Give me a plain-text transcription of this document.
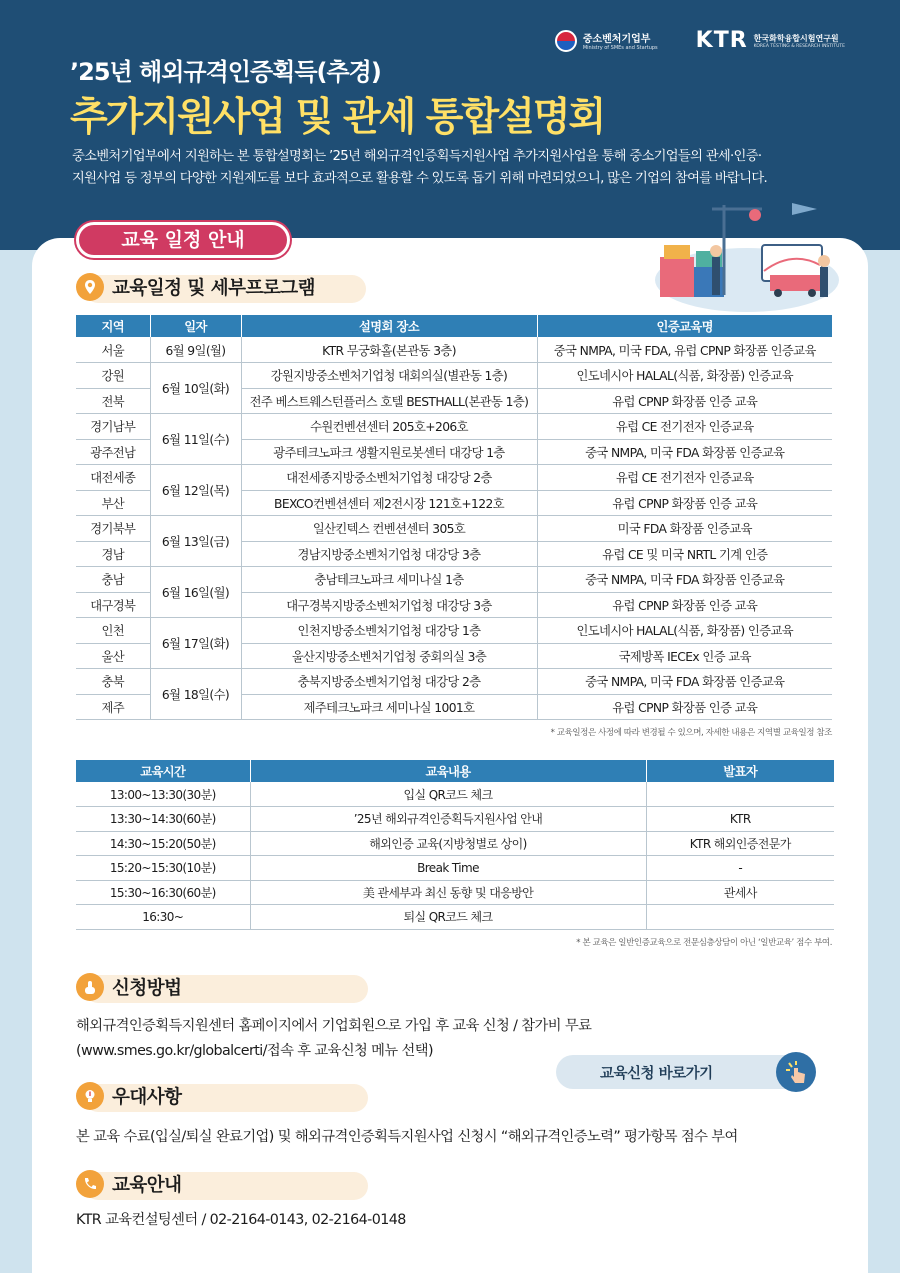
중소벤처기업부
Ministry of SMEs and Startups KTR 한국화학융합시험연구원
KOREA TESTING & RESEARCH INSTITUTE
’25년 해외규격인증획득(추경)
추가지원사업 및 관세 통합설명회
중소벤처기업부에서 지원하는 본 통합설명회는 ’25년 해외규격인증획득지원사업 추가지원사업을 통해 중소기업들의 관세·인증·지원사업 등 정부의 다양한 지원제도를 보다 효과적으로 활용할 수 있도록 돕기 위해 마련되었으니, 많은 기업의 참여를 바랍니다.
교육 일정 안내
교육일정 및 세부프로그램
지역	일자	설명회 장소	인증교육명
서울	6월 9일(월)	KTR 무궁화홀(본관동 3층)	중국 NMPA, 미국 FDA, 유럽 CPNP 화장품 인증교육
강원	6월 10일(화)	강원지방중소벤처기업청 대회의실(별관동 1층)	인도네시아 HALAL(식품, 화장품) 인증교육
전북		전주 베스트웨스턴플러스 호텔 BESTHALL(본관동 1층)	유럽 CPNP 화장품 인증 교육
경기남부	6월 11일(수)	수원컨벤션센터 205호+206호	유럽 CE 전기전자 인증교육
광주전남		광주테크노파크 생활지원로봇센터 대강당 1층	중국 NMPA, 미국 FDA 화장품 인증교육
대전세종	6월 12일(목)	대전세종지방중소벤처기업청 대강당 2층	유럽 CE 전기전자 인증교육
부산		BEXCO컨벤션센터 제2전시장 121호+122호	유럽 CPNP 화장품 인증 교육
경기북부	6월 13일(금)	일산킨텍스 컨벤션센터 305호	미국 FDA 화장품 인증교육
경남		경남지방중소벤처기업청 대강당 3층	유럽 CE 및 미국 NRTL 기계 인증
충남	6월 16일(월)	충남테크노파크 세미나실 1층	중국 NMPA, 미국 FDA 화장품 인증교육
대구경북		대구경북지방중소벤처기업청 대강당 3층	유럽 CPNP 화장품 인증 교육
인천	6월 17일(화)	인천지방중소벤처기업청 대강당 1층	인도네시아 HALAL(식품, 화장품) 인증교육
울산		울산지방중소벤처기업청 중회의실 3층	국제방폭 IECEx 인증 교육
충북	6월 18일(수)	충북지방중소벤처기업청 대강당 2층	중국 NMPA, 미국 FDA 화장품 인증교육
제주		제주테크노파크 세미나실 1001호	유럽 CPNP 화장품 인증 교육
* 교육일정은 사정에 따라 변경될 수 있으며, 자세한 내용은 지역별 교육일정 참조
교육시간	교육내용	발표자
13:00~13:30(30분)	입실 QR코드 체크	
13:30~14:30(60분)	’25년 해외규격인증획득지원사업 안내	KTR
14:30~15:20(50분)	해외인증 교육(지방청별로 상이)	KTR 해외인증전문가
15:20~15:30(10분)	Break Time	-
15:30~16:30(60분)	美 관세부과 최신 동향 및 대응방안	관세사
16:30~	퇴실 QR코드 체크	
* 본 교육은 일반인증교육으로 전문심층상담이 아닌 ‘일반교육’ 점수 부여.
신청방법
해외규격인증획득지원센터 홈페이지에서 기업회원으로 가입 후 교육 신청 / 참가비 무료
(www.smes.go.kr/globalcerti/접속 후 교육신청 메뉴 선택)
교육신청 바로가기
우대사항
본 교육 수료(입실/퇴실 완료기업) 및 해외규격인증획득지원사업 신청시 “해외규격인증노력” 평가항목 점수 부여
교육안내
KTR 교육컨설팅센터 / 02-2164-0143, 02-2164-0148
